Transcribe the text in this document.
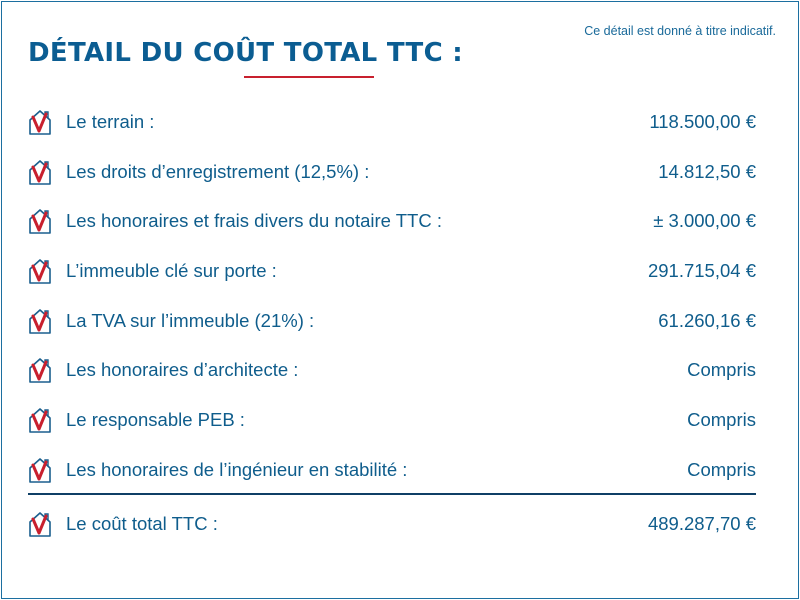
Ce détail est donné à titre indicatif.
DÉTAIL DU COÛT TOTAL TTC :
Le terrain :	118.500,00 €
Les droits d’enregistrement (12,5%) :	14.812,50 €
Les honoraires et frais divers du notaire TTC :	± 3.000,00 €
L’immeuble clé sur porte :	291.715,04 €
La TVA sur l’immeuble (21%) :	61.260,16 €
Les honoraires d’architecte :	Compris
Le responsable PEB :	Compris
Les honoraires de l’ingénieur en stabilité :	Compris
Le coût total TTC :	489.287,70 €
